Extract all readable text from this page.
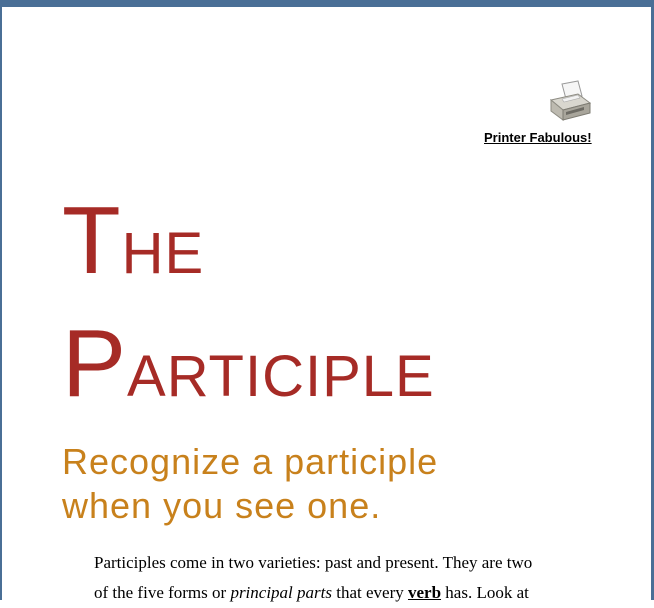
Printer Fabulous!
THE
PARTICIPLE
Recognize a participle
when you see one.

Participles come in two varieties: past and present. They are two
of the five forms or principal parts that every verb has. Look at
